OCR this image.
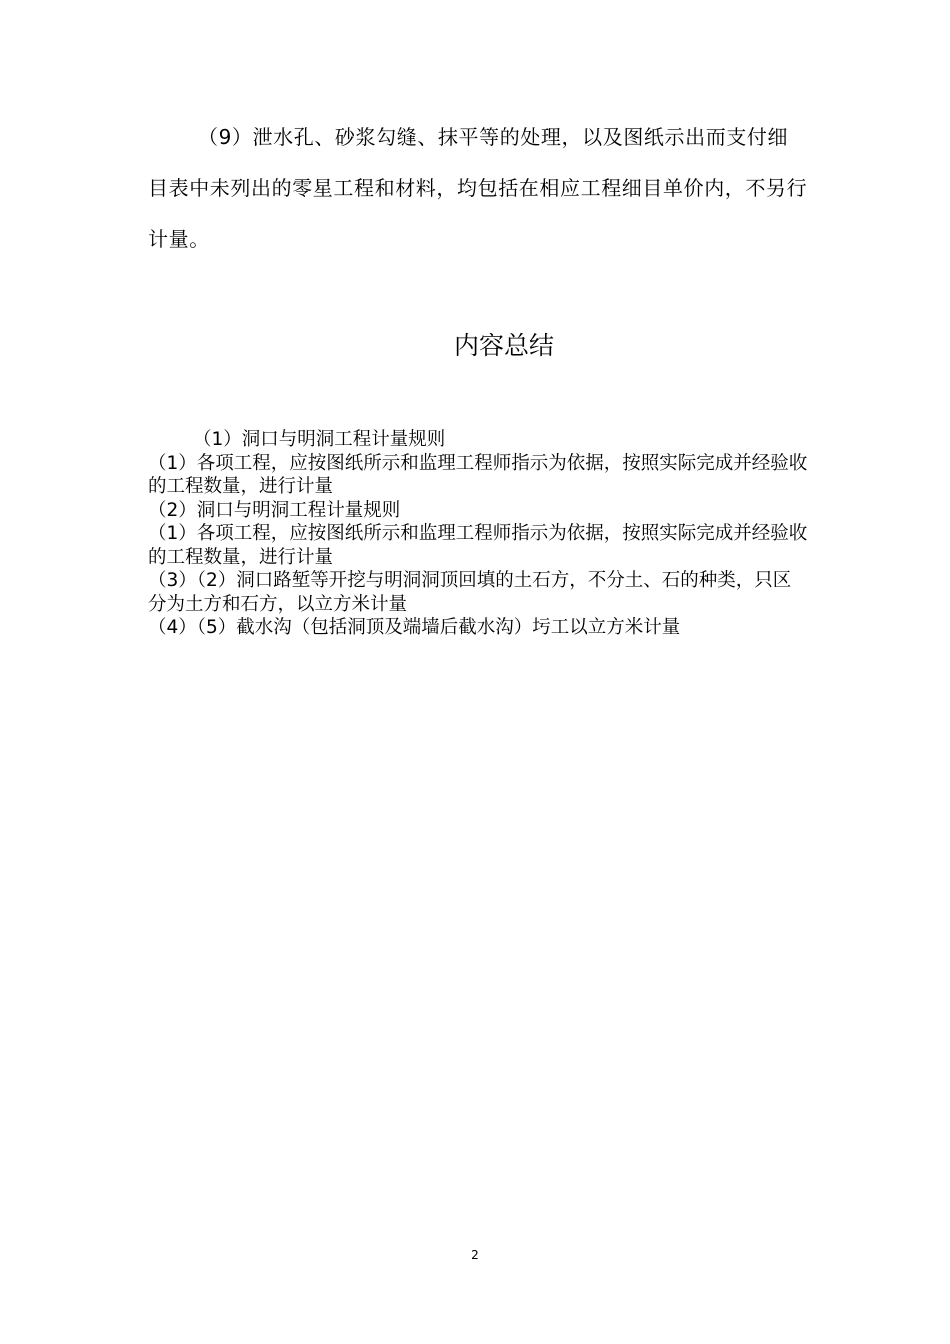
（9）泄水孔、砂浆勾缝、抹平等的处理，以及图纸示出而支付细目表中未列出的零星工程和材料，均包括在相应工程细目单价内，不另行计量。

内容总结

（1）洞口与明洞工程计量规则

（1）各项工程，应按图纸所示和监理工程师指示为依据，按照实际完成并经验收的工程数量，进行计量

（2）洞口与明洞工程计量规则

（1）各项工程，应按图纸所示和监理工程师指示为依据，按照实际完成并经验收的工程数量，进行计量

（3）（2）洞口路堑等开挖与明洞洞顶回填的土石方，不分土、石的种类，只区分为土方和石方，以立方米计量

（4）（5）截水沟（包括洞顶及端墙后截水沟）圬工以立方米计量

2
